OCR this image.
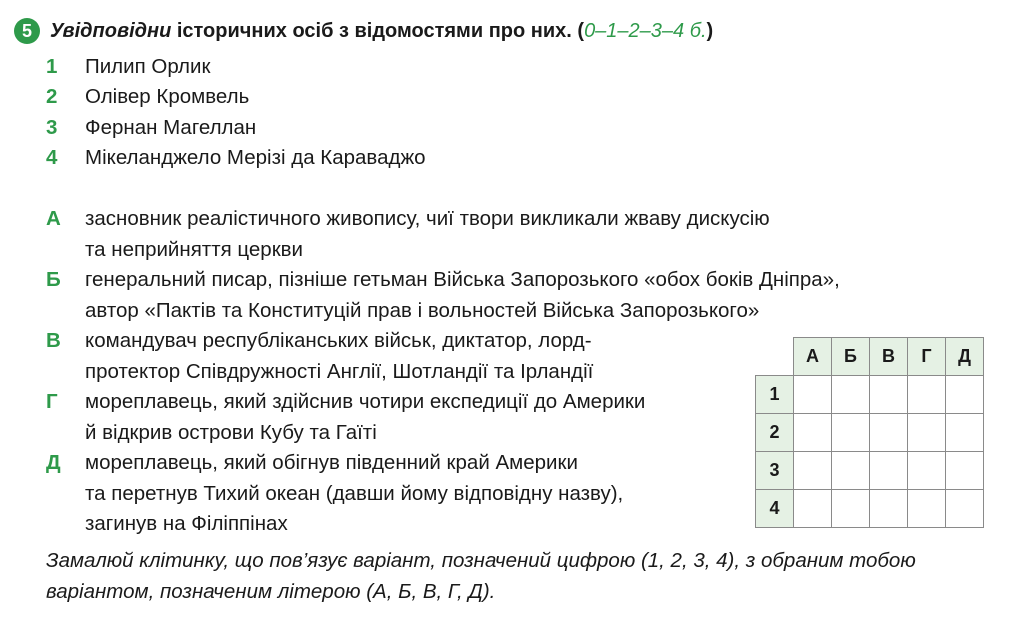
5 Увідповідни історичних осіб з відомостями про них. (0–1–2–3–4 б.)
1	Пилип Орлик
2	Олівер Кромвель
3	Фернан Магеллан
4	Мікеланджело Мерізі да Караваджо
А	засновник реалістичного живопису, чиї твори викликали жваву дискусію
та неприйняття церкви
Б	генеральний писар, пізніше гетьман Війська Запорозького «обох боків Дніпра»,
автор «Пактів та Конституцій прав і вольностей Війська Запорозького»
В	командувач республіканських військ, диктатор, лорд-
протектор Співдружності Англії, Шотландії та Ірландії
Г	мореплавець, який здійснив чотири експедиції до Америки
й відкрив острови Кубу та Гаїті
Д	мореплавець, який обігнув південний край Америки
та перетнув Тихий океан (давши йому відповідну назву),
загинув на Філіппінах
	А	Б	В	Г	Д
1					
2					
3					
4					
Замалюй клітинку, що пов’язує варіант, позначений цифрою (1, 2, 3, 4), з обраним тобою
варіантом, позначеним літерою (А, Б, В, Г, Д).
